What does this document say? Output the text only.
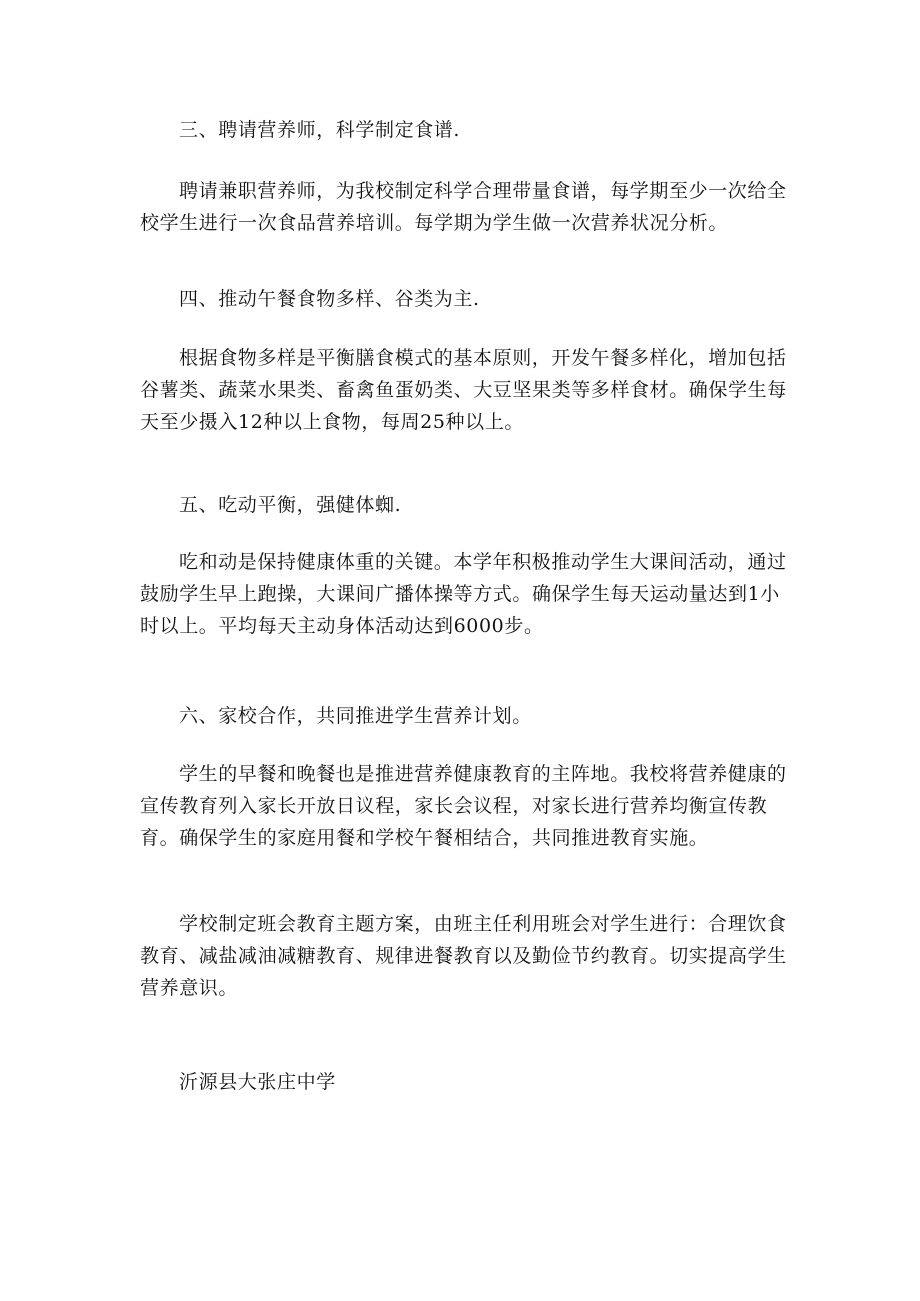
三、聘请营养师，科学制定食谱.
聘请兼职营养师，为我校制定科学合理带量食谱，每学期至少一次给全校学生进行一次食品营养培训。每学期为学生做一次营养状况分析。
四、推动午餐食物多样、谷类为主.
根据食物多样是平衡膳食模式的基本原则，开发午餐多样化，增加包括谷薯类、蔬菜水果类、畜禽鱼蛋奶类、大豆坚果类等多样食材。确保学生每天至少摄入12种以上食物，每周25种以上。
五、吃动平衡，强健体蜘.
吃和动是保持健康体重的关键。本学年积极推动学生大课间活动，通过鼓励学生早上跑操，大课间广播体操等方式。确保学生每天运动量达到1小时以上。平均每天主动身体活动达到6000步。
六、家校合作，共同推进学生营养计划。
学生的早餐和晚餐也是推进营养健康教育的主阵地。我校将营养健康的宣传教育列入家长开放日议程，家长会议程，对家长进行营养均衡宣传教育。确保学生的家庭用餐和学校午餐相结合，共同推进教育实施。
学校制定班会教育主题方案，由班主任利用班会对学生进行：合理饮食教育、减盐减油减糖教育、规律进餐教育以及勤俭节约教育。切实提高学生营养意识。
沂源县大张庄中学
